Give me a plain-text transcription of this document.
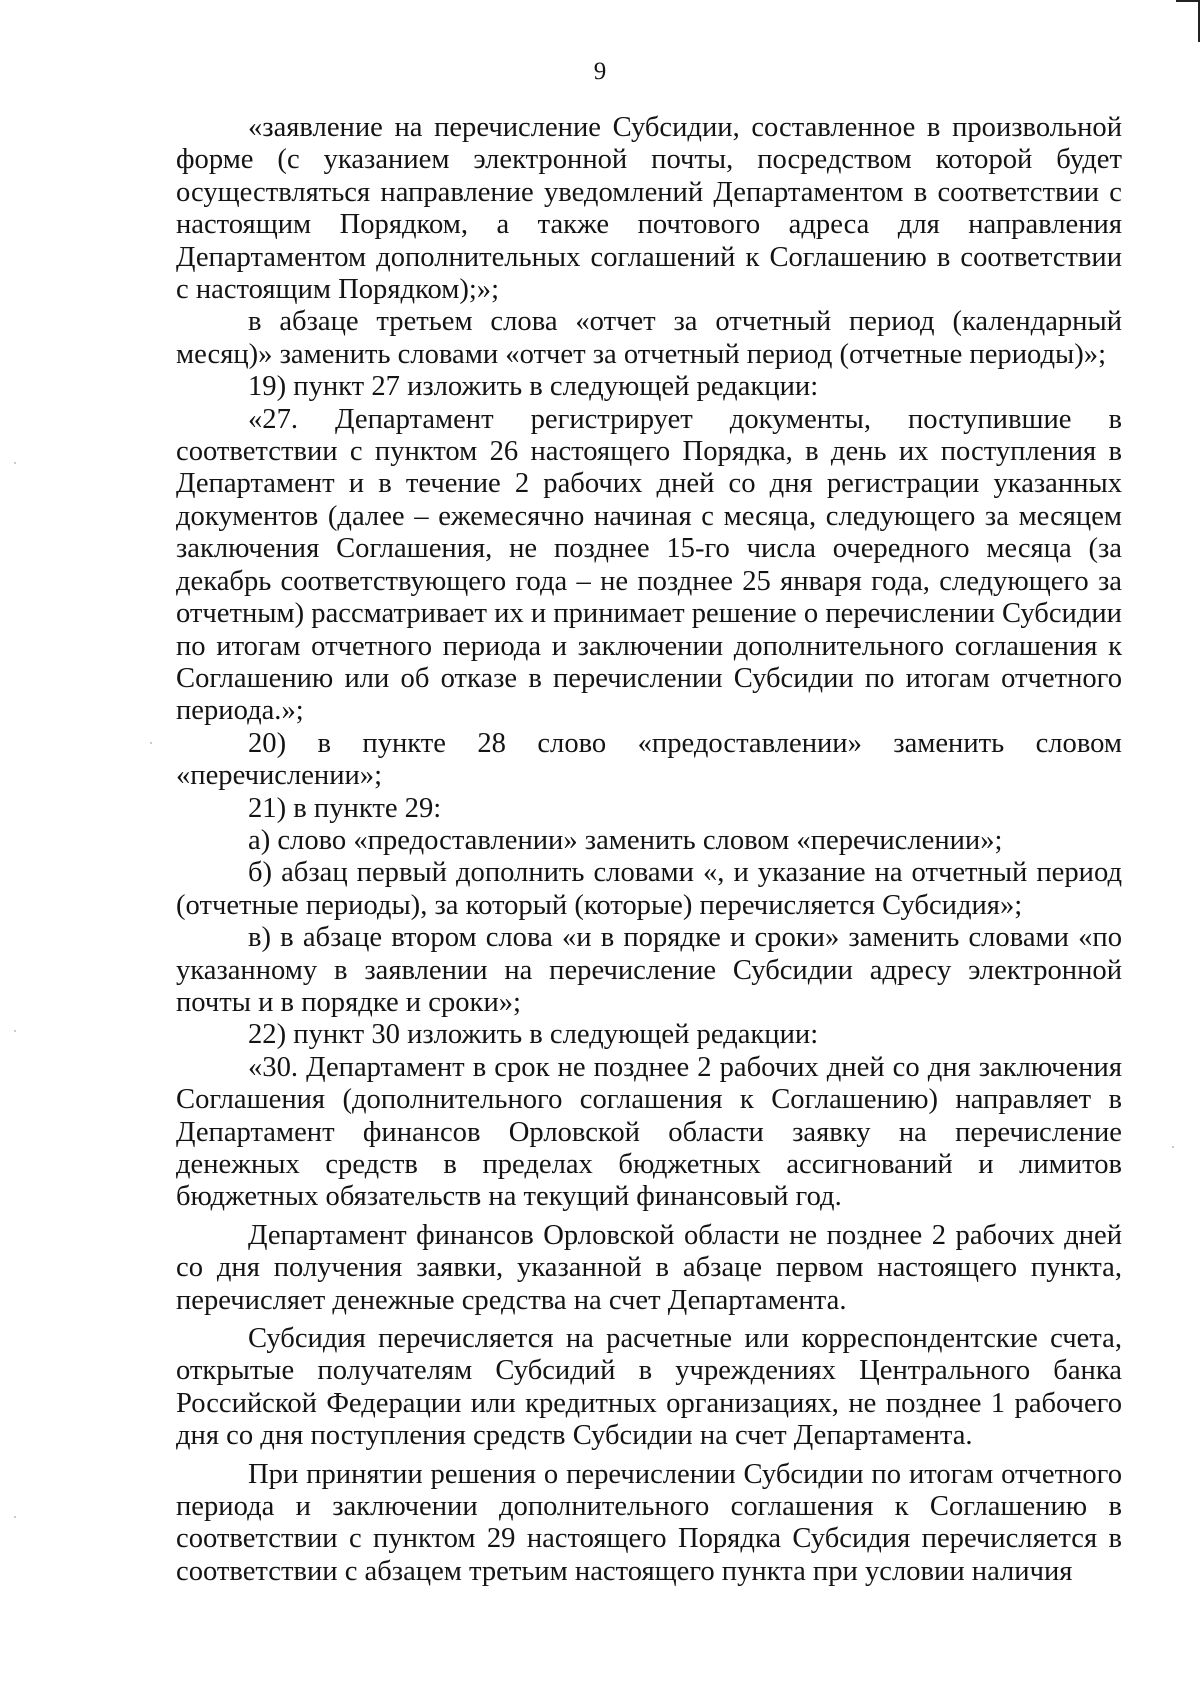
9

«заявление на перечисление Субсидии, составленное в произвольной форме (с указанием электронной почты, посредством которой будет осуществляться направление уведомлений Департаментом в соответствии с настоящим Порядком, а также почтового адреса для направления Департаментом дополнительных соглашений к Соглашению в соответствии с настоящим Порядком);»;

в абзаце третьем слова «отчет за отчетный период (календарный месяц)» заменить словами «отчет за отчетный период (отчетные периоды)»;

19) пункт 27 изложить в следующей редакции:

«27. Департамент регистрирует документы, поступившие в соответствии с пунктом 26 настоящего Порядка, в день их поступления в Департамент и в течение 2 рабочих дней со дня регистрации указанных документов (далее – ежемесячно начиная с месяца, следующего за месяцем заключения Соглашения, не позднее 15-го числа очередного месяца (за декабрь соответствующего года – не позднее 25 января года, следующего за отчетным) рассматривает их и принимает решение о перечислении Субсидии по итогам отчетного периода и заключении дополнительного соглашения к Соглашению или об отказе в перечислении Субсидии по итогам отчетного периода.»;

20) в пункте 28 слово «предоставлении» заменить словом «перечислении»;

21) в пункте 29:

а) слово «предоставлении» заменить словом «перечислении»;

б) абзац первый дополнить словами «, и указание на отчетный период (отчетные периоды), за который (которые) перечисляется Субсидия»;

в) в абзаце втором слова «и в порядке и сроки» заменить словами «по указанному в заявлении на перечисление Субсидии адресу электронной почты и в порядке и сроки»;

22) пункт 30 изложить в следующей редакции:

«30. Департамент в срок не позднее 2 рабочих дней со дня заключения Соглашения (дополнительного соглашения к Соглашению) направляет в Департамент финансов Орловской области заявку на перечисление денежных средств в пределах бюджетных ассигнований и лимитов бюджетных обязательств на текущий финансовый год.

Департамент финансов Орловской области не позднее 2 рабочих дней со дня получения заявки, указанной в абзаце первом настоящего пункта, перечисляет денежные средства на счет Департамента.

Субсидия перечисляется на расчетные или корреспондентские счета, открытые получателям Субсидий в учреждениях Центрального банка Российской Федерации или кредитных организациях, не позднее 1 рабочего дня со дня поступления средств Субсидии на счет Департамента.

При принятии решения о перечислении Субсидии по итогам отчетного периода и заключении дополнительного соглашения к Соглашению в соответствии с пунктом 29 настоящего Порядка Субсидия перечисляется в соответствии с абзацем третьим настоящего пункта при условии наличия
